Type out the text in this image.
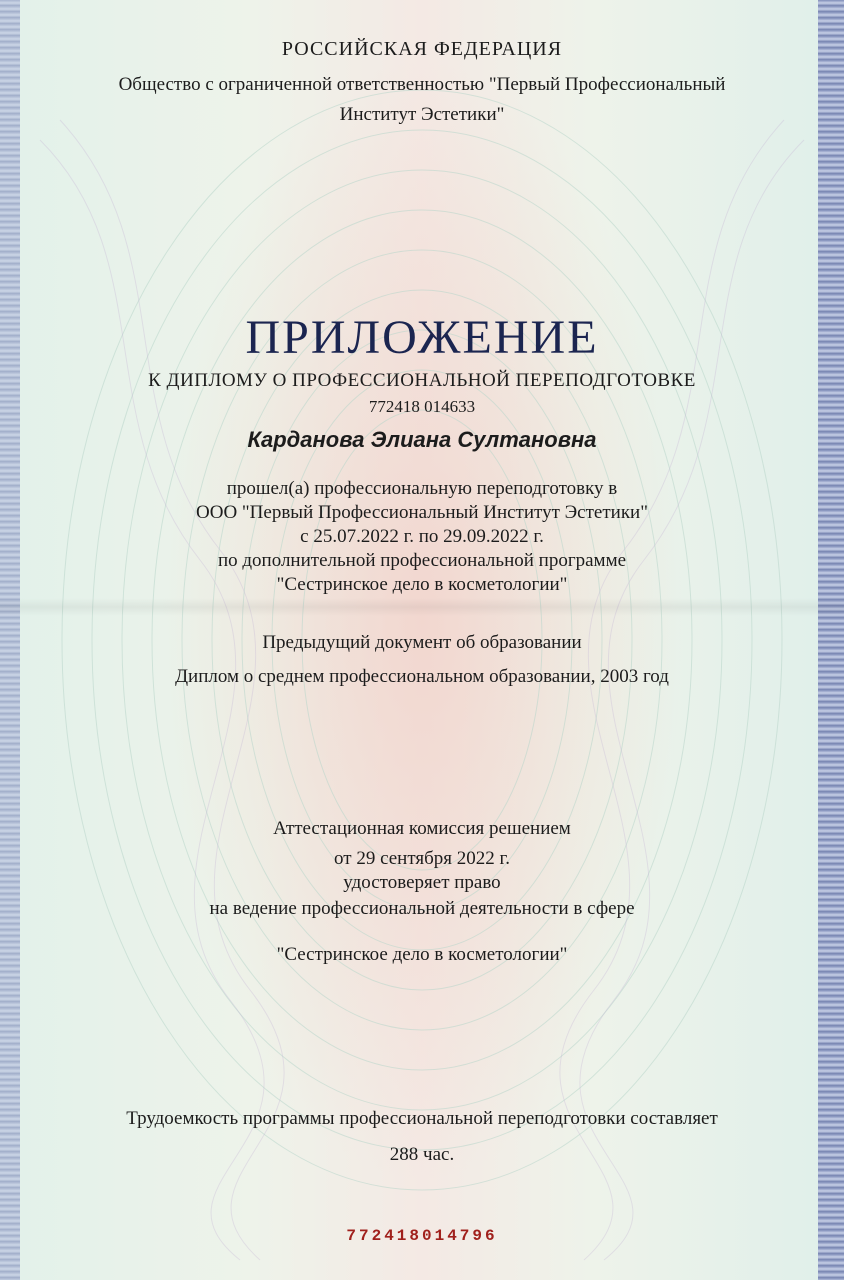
РОССИЙСКАЯ ФЕДЕРАЦИЯ
Общество с ограниченной ответственностью "Первый Профессиональный
Институт Эстетики"
ПРИЛОЖЕНИЕ
К ДИПЛОМУ О ПРОФЕССИОНАЛЬНОЙ ПЕРЕПОДГОТОВКЕ
772418 014633
Карданова Элиана Султановна
прошел(а) профессиональную переподготовку в
ООО "Первый Профессиональный Институт Эстетики"
с 25.07.2022 г. по 29.09.2022 г.
по дополнительной профессиональной программе
"Сестринское дело в косметологии"
Предыдущий документ об образовании
Диплом о среднем профессиональном образовании, 2003 год
Аттестационная комиссия решением
от 29 сентября 2022 г.
удостоверяет право
на ведение профессиональной деятельности в сфере
"Сестринское дело в косметологии"
Трудоемкость программы профессиональной переподготовки составляет
288 час.
772418014796
